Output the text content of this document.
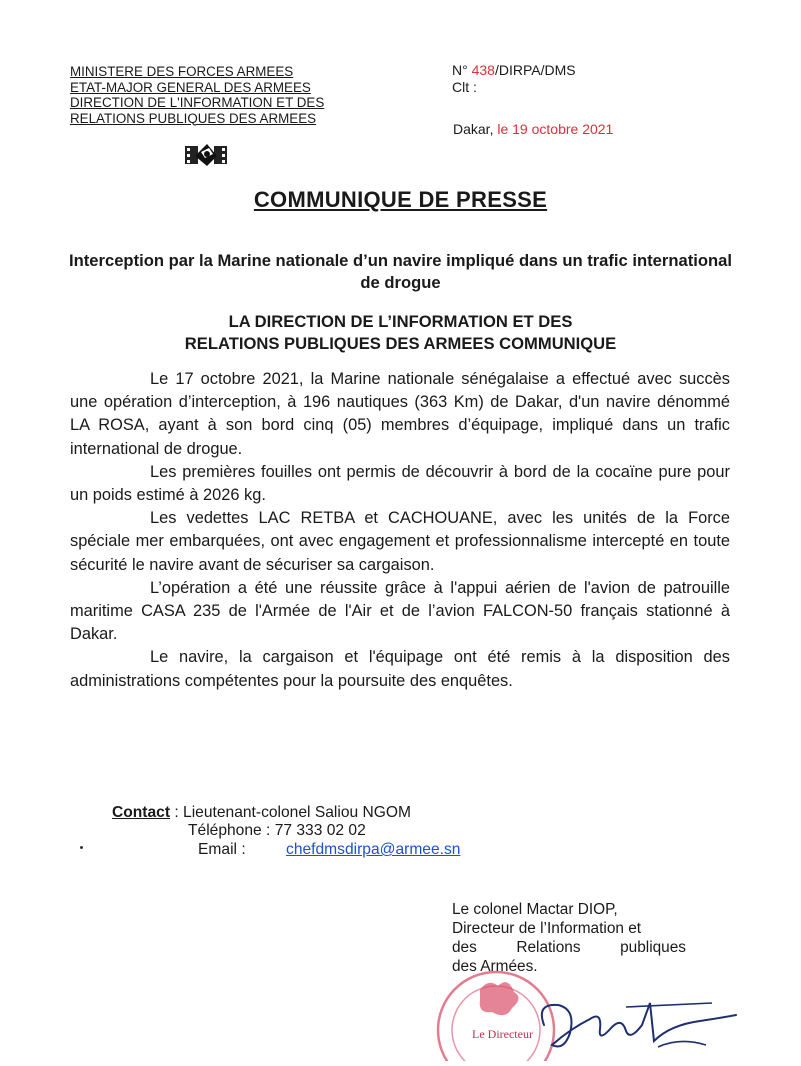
MINISTERE DES FORCES ARMEES
ETAT-MAJOR GENERAL DES ARMEES
DIRECTION DE L'INFORMATION ET DES
RELATIONS PUBLIQUES DES ARMEES
N° 438/DIRPA/DMS
Clt :
Dakar, le 19 octobre 2021
COMMUNIQUE DE PRESSE
Interception par la Marine nationale d’un navire impliqué dans un trafic international de drogue
LA DIRECTION DE L’INFORMATION ET DES
RELATIONS PUBLIQUES DES ARMEES COMMUNIQUE

Le 17 octobre 2021, la Marine nationale sénégalaise a effectué avec succès une opération d’interception, à 196 nautiques (363 Km) de Dakar, d'un navire dénommé LA ROSA, ayant à son bord cinq (05) membres d’équipage, impliqué dans un trafic international de drogue.

Les premières fouilles ont permis de découvrir à bord de la cocaïne pure pour un poids estimé à 2026 kg.

Les vedettes LAC RETBA et CACHOUANE, avec les unités de la Force spéciale mer embarquées, ont avec engagement et professionnalisme intercepté en toute sécurité le navire avant de sécuriser sa cargaison.

L’opération a été une réussite grâce à l'appui aérien de l'avion de patrouille maritime CASA 235 de l'Armée de l'Air et de l’avion FALCON-50 français stationné à Dakar.

Le navire, la cargaison et l'équipage ont été remis à la disposition des administrations compétentes pour la poursuite des enquêtes.

Contact : Lieutenant-colonel Saliou NGOM
Téléphone : 77 333 02 02
Email :	chefdmsdirpa@armee.sn
Le Directeur
Le colonel Mactar DIOP,
Directeur de l’Information et
des	Relations	publiques
des Armées.
